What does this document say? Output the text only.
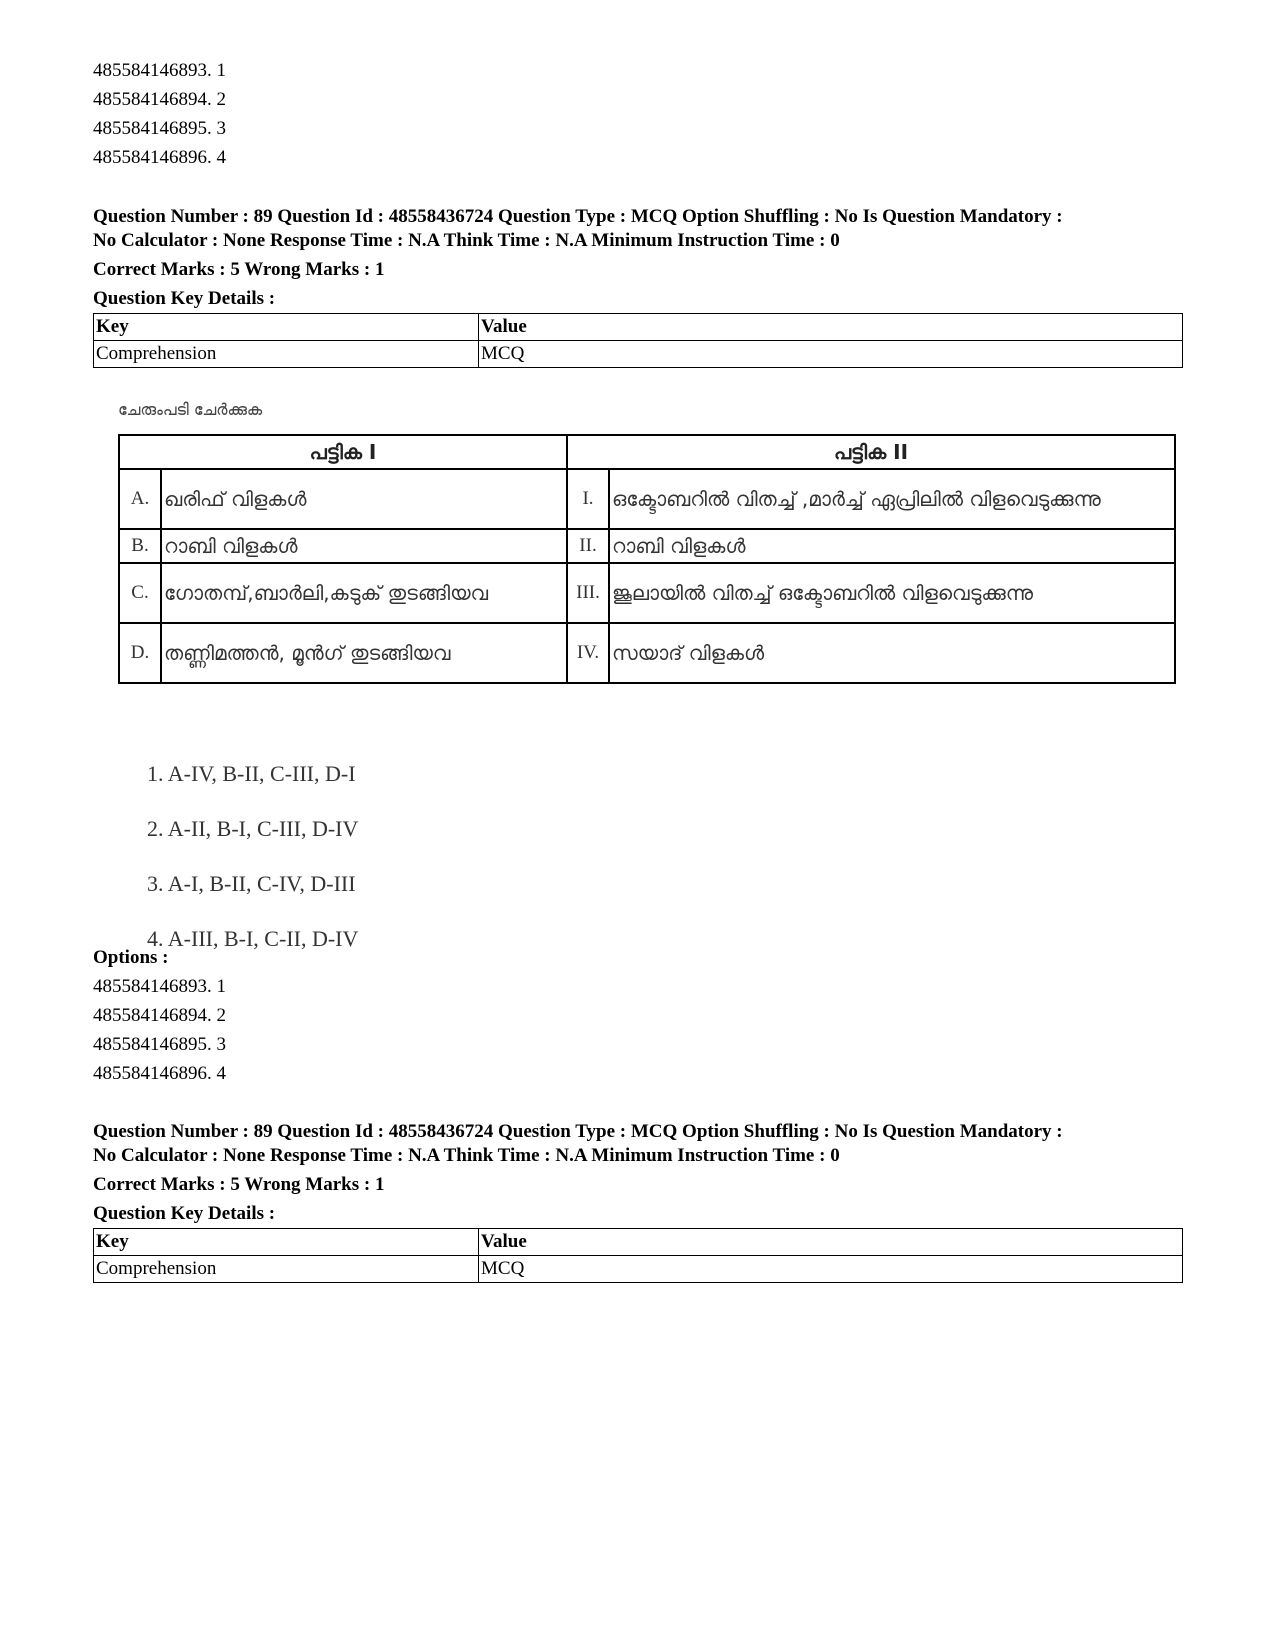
485584146893. 1
485584146894. 2
485584146895. 3
485584146896. 4
Question Number : 89 Question Id : 48558436724 Question Type : MCQ Option Shuffling : No Is Question Mandatory :
No Calculator : None Response Time : N.A Think Time : N.A Minimum Instruction Time : 0
Correct Marks : 5 Wrong Marks : 1
Question Key Details :
Key	Value
Comprehension	MCQ
ചേരുംപടി ചേർക്കുക
പട്ടിക I		പട്ടിക II	
A.	ഖരിഫ് വിളകൾ	I.	ഒക്ടോബറിൽ വിതച്ച് ,മാർച്ച് ഏപ്രിലിൽ വിളവെടുക്കുന്നു
B.	റാബി വിളകൾ	II.	റാബി വിളകൾ
C.	ഗോതമ്പ്,ബാർലി,കടുക് തുടങ്ങിയവ	III.	ജൂലായിൽ വിതച്ച് ഒക്ടോബറിൽ വിളവെടുക്കുന്നു
D.	തണ്ണിമത്തൻ, മൂൻഗ് തുടങ്ങിയവ	IV.	സയാദ് വിളകൾ
1. A-IV, B-II, C-III, D-I
2. A-II, B-I, C-III, D-IV
3. A-I, B-II, C-IV, D-III
4. A-III, B-I, C-II, D-IV
Options :
485584146893. 1
485584146894. 2
485584146895. 3
485584146896. 4
Question Number : 89 Question Id : 48558436724 Question Type : MCQ Option Shuffling : No Is Question Mandatory :
No Calculator : None Response Time : N.A Think Time : N.A Minimum Instruction Time : 0
Correct Marks : 5 Wrong Marks : 1
Question Key Details :
Key	Value
Comprehension	MCQ
